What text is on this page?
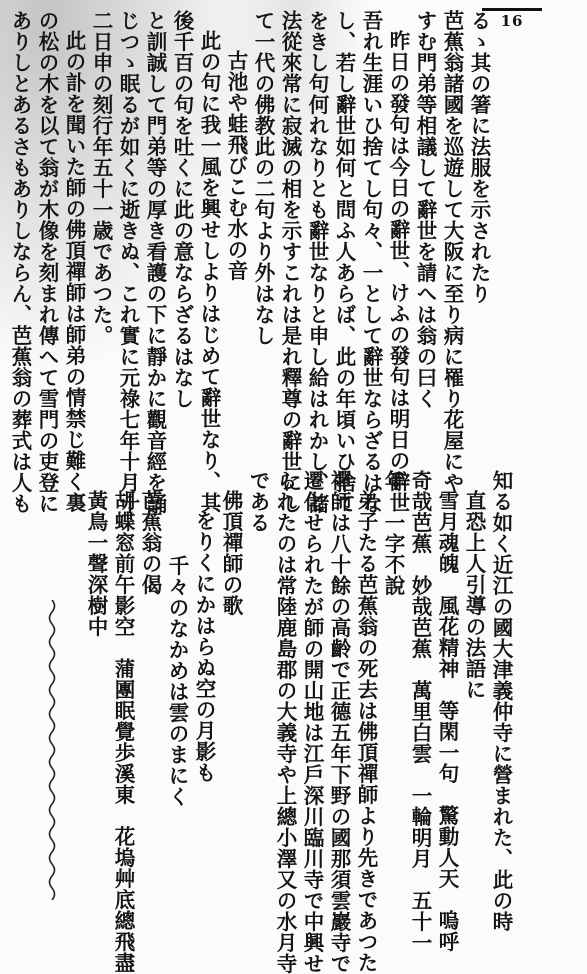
16

るゝ其の箸に法服を示されたり

芭蕉翁諸國を巡遊して大阪に至り病に罹り花屋にや

すむ門弟等相議して辭世を請へは翁の曰く

昨日の發句は今日の辭世、けふの發句は明日の辭世

吾れ生涯いひ捨てし句々、一として辭世ならざるはな

し、若し辭世如何と問ふ人あらば、此の年頃いひ捨て

をきし句何れなりとも辭世なりと申し給はれかし、諸

法從來常に寂滅の相を示すこれは是れ釋尊の辭世にし

て一代の佛教此の二句より外はなし

古池や蛙飛びこむ水の音

此の句に我一風を興せしよりはじめて辭世なり、其

後千百の句を吐くに此の意ならざるはなし

と訓誠して門弟等の厚き看護の下に靜かに觀音經を誦

じつゝ眠るが如くに逝きぬ、これ實に元祿七年十月十

二日申の刻行年五十一歳であつた。

此の訃を聞いた師の佛頂禪師は師弟の情禁じ難く裏

の松の木を以て翁が木像を刻まれ傳へて雪門の吏登に

ありしとあるさもありしならん、芭蕉翁の葬式は人も

知る如く近江の國大津義仲寺に營まれた、此の時

直恐上人引導の法語に

雪月魂魄　風花精神　等閑一句　驚動人天　嗚呼

奇哉芭蕉　妙哉芭蕉　萬里白雲　一輪明月　五十一

年　一字不說

弟子たる芭蕉翁の死去は佛頂禪師より先きであつた

禪師は八十餘の高齡で正德五年下野の國那須雲巖寺で

遷化せられたが師の開山地は江戶深川臨川寺で中興せ

られたのは常陸鹿島郡の大義寺や上總小澤又の水月寺

である

佛頂禪師の歌

をりくにかはらぬ空の月影も

千々のなかめは雲のまにく

芭蕉翁の偈

胡蝶窓前午影空　蒲團眠覺歩溪東　花塢艸底總飛盡

黃鳥一聲深樹中
